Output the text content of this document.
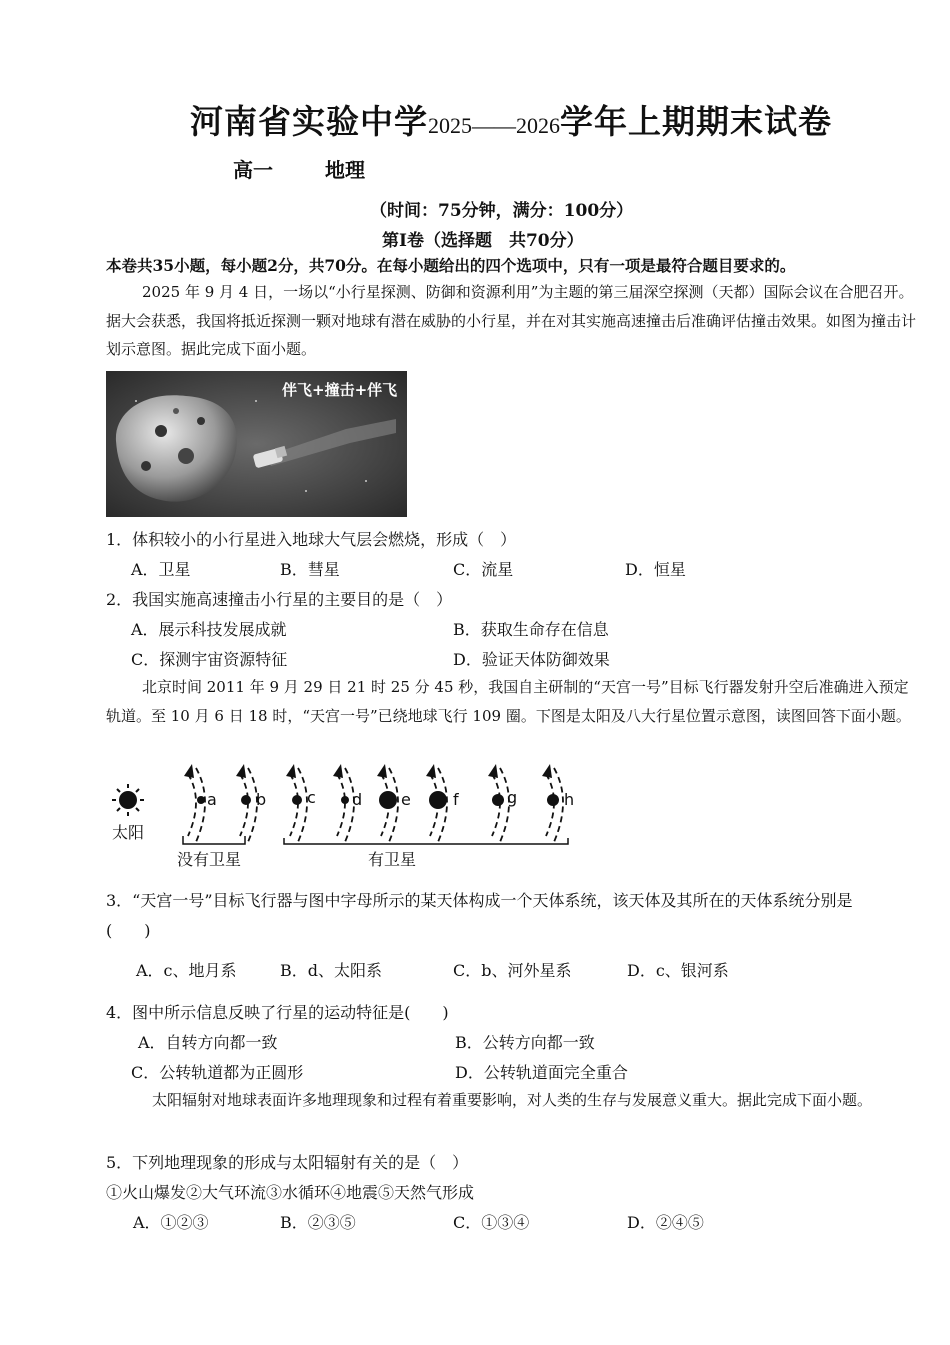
河南省实验中学2025——2026学年上期期末试卷
高一	地理
（时间：75分钟，满分：100分）
第Ⅰ卷（选择题　共70分）
本卷共35小题，每小题2分，共70分。在每小题给出的四个选项中，只有一项是最符合题目要求的。
2025 年 9 月 4 日，一场以“小行星探测、防御和资源利用”为主题的第三届深空探测（天都）国际会议在合肥召开。据大会获悉，我国将抵近探测一颗对地球有潜在威胁的小行星，并在对其实施高速撞击后准确评估撞击效果。如图为撞击计划示意图。据此完成下面小题。
伴飞+撞击+伴飞
1．体积较小的小行星进入地球大气层会燃烧，形成（　）
A．卫星	B．彗星	C．流星	D．恒星
2．我国实施高速撞击小行星的主要目的是（　）
A．展示科技发展成就	B．获取生命存在信息
C．探测宇宙资源特征	D．验证天体防御效果
北京时间 2011 年 9 月 29 日 21 时 25 分 45 秒，我国自主研制的“天宫一号”目标飞行器发射升空后准确进入预定轨道。至 10 月 6 日 18 时，“天宫一号”已绕地球飞行 109 圈。下图是太阳及八大行星位置示意图，读图回答下面小题。
太阳
a b	c d e	f	g	h
没有卫星	有卫星
3．“天宫一号”目标飞行器与图中字母所示的某天体构成一个天体系统，该天体及其所在的天体系统分别是
(　　)
A．c、地月系	B．d、太阳系	C．b、河外星系	D．c、银河系
4．图中所示信息反映了行星的运动特征是(　　)
A．自转方向都一致	B．公转方向都一致
C．公转轨道都为正圆形	D．公转轨道面完全重合
太阳辐射对地球表面许多地理现象和过程有着重要影响，对人类的生存与发展意义重大。据此完成下面小题。
5．下列地理现象的形成与太阳辐射有关的是（　）
①火山爆发②大气环流③水循环④地震⑤天然气形成
A．①②③	B．②③⑤	C．①③④	D．②④⑤
